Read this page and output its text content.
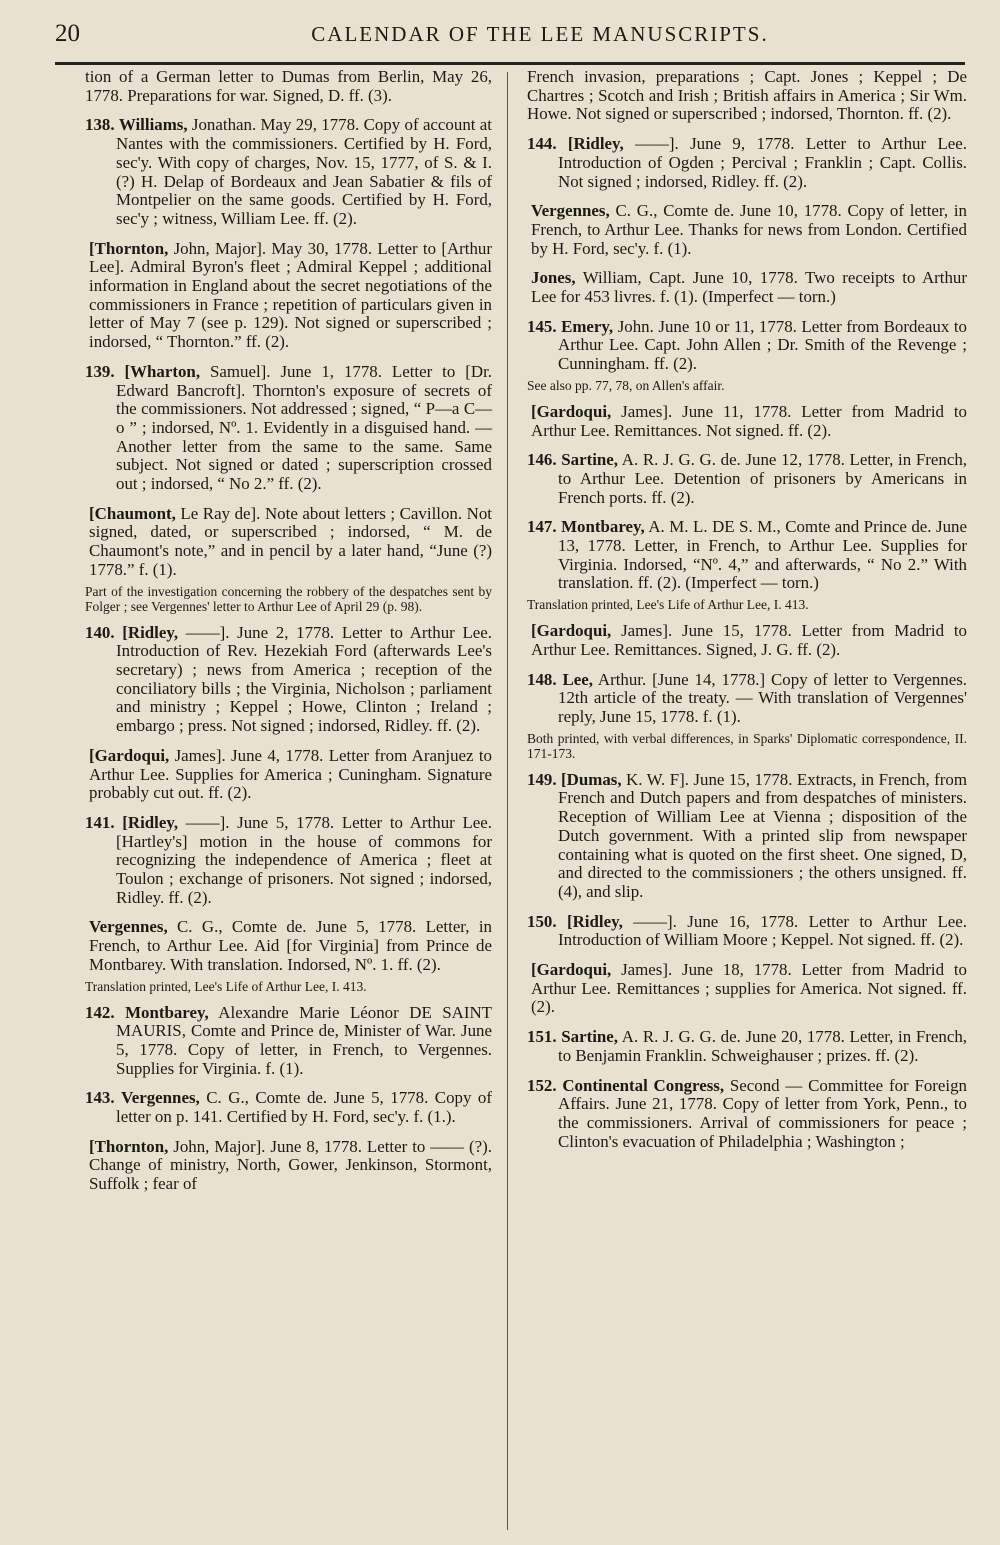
20	CALENDAR OF THE LEE MANUSCRIPTS.
tion of a German letter to Dumas from Berlin, May 26, 1778. Preparations for war. Signed, D. ff. (3).
138. Williams, Jonathan. May 29, 1778. Copy of account at Nantes with the commissioners. Certified by H. Ford, sec'y. With copy of charges, Nov. 15, 1777, of S. & I. (?) H. Delap of Bordeaux and Jean Sabatier & fils of Montpelier on the same goods. Certified by H. Ford, sec'y ; witness, William Lee. ff. (2).
[Thornton, John, Major]. May 30, 1778. Letter to [Arthur Lee]. Admiral Byron's fleet ; Admiral Keppel ; additional information in England about the secret negotiations of the commissioners in France ; repetition of particulars given in letter of May 7 (see p. 129). Not signed or superscribed ; indorsed, “ Thornton.” ff. (2).
139. [Wharton, Samuel]. June 1, 1778. Letter to [Dr. Edward Bancroft]. Thornton's exposure of secrets of the commissioners. Not addressed ; signed, “ P—a C—o ” ; indorsed, Nº. 1. Evidently in a disguised hand. — Another letter from the same to the same. Same subject. Not signed or dated ; superscription crossed out ; indorsed, “ No 2.” ff. (2).
[Chaumont, Le Ray de]. Note about letters ; Cavillon. Not signed, dated, or superscribed ; indorsed, “ M. de Chaumont's note,” and in pencil by a later hand, “June (?) 1778.” f. (1).
Part of the investigation concerning the robbery of the despatches sent by Folger ; see Vergennes' letter to Arthur Lee of April 29 (p. 98).
140. [Ridley, ——]. June 2, 1778. Letter to Arthur Lee. Introduction of Rev. Hezekiah Ford (afterwards Lee's secretary) ; news from America ; reception of the conciliatory bills ; the Virginia, Nicholson ; parliament and ministry ; Keppel ; Howe, Clinton ; Ireland ; embargo ; press. Not signed ; indorsed, Ridley. ff. (2).
[Gardoqui, James]. June 4, 1778. Letter from Aranjuez to Arthur Lee. Supplies for America ; Cuningham. Signature probably cut out. ff. (2).
141. [Ridley, ——]. June 5, 1778. Letter to Arthur Lee. [Hartley's] motion in the house of commons for recognizing the independence of America ; fleet at Toulon ; exchange of prisoners. Not signed ; indorsed, Ridley. ff. (2).
Vergennes, C. G., Comte de. June 5, 1778. Letter, in French, to Arthur Lee. Aid [for Virginia] from Prince de Montbarey. With translation. Indorsed, Nº. 1. ff. (2).
Translation printed, Lee's Life of Arthur Lee, I. 413.
142. Montbarey, Alexandre Marie Léonor DE SAINT MAURIS, Comte and Prince de, Minister of War. June 5, 1778. Copy of letter, in French, to Vergennes. Supplies for Virginia. f. (1).
143. Vergennes, C. G., Comte de. June 5, 1778. Copy of letter on p. 141. Certified by H. Ford, sec'y. f. (1.).
[Thornton, John, Major]. June 8, 1778. Letter to —— (?). Change of ministry, North, Gower, Jenkinson, Stormont, Suffolk ; fear of
French invasion, preparations ; Capt. Jones ; Keppel ; De Chartres ; Scotch and Irish ; British affairs in America ; Sir Wm. Howe. Not signed or superscribed ; indorsed, Thornton. ff. (2).
144. [Ridley, ——]. June 9, 1778. Letter to Arthur Lee. Introduction of Ogden ; Percival ; Franklin ; Capt. Collis. Not signed ; indorsed, Ridley. ff. (2).
Vergennes, C. G., Comte de. June 10, 1778. Copy of letter, in French, to Arthur Lee. Thanks for news from London. Certified by H. Ford, sec'y. f. (1).
Jones, William, Capt. June 10, 1778. Two receipts to Arthur Lee for 453 livres. f. (1). (Imperfect — torn.)
145. Emery, John. June 10 or 11, 1778. Letter from Bordeaux to Arthur Lee. Capt. John Allen ; Dr. Smith of the Revenge ; Cunningham. ff. (2).
See also pp. 77, 78, on Allen's affair.
[Gardoqui, James]. June 11, 1778. Letter from Madrid to Arthur Lee. Remittances. Not signed. ff. (2).
146. Sartine, A. R. J. G. G. de. June 12, 1778. Letter, in French, to Arthur Lee. Detention of prisoners by Americans in French ports. ff. (2).
147. Montbarey, A. M. L. DE S. M., Comte and Prince de. June 13, 1778. Letter, in French, to Arthur Lee. Supplies for Virginia. Indorsed, “Nº. 4,” and afterwards, “ No 2.” With translation. ff. (2). (Imperfect — torn.)
Translation printed, Lee's Life of Arthur Lee, I. 413.
[Gardoqui, James]. June 15, 1778. Letter from Madrid to Arthur Lee. Remittances. Signed, J. G. ff. (2).
148. Lee, Arthur. [June 14, 1778.] Copy of letter to Vergennes. 12th article of the treaty. — With translation of Vergennes' reply, June 15, 1778. f. (1).
Both printed, with verbal differences, in Sparks' Diplomatic correspondence, II. 171-173.
149. [Dumas, K. W. F]. June 15, 1778. Extracts, in French, from French and Dutch papers and from despatches of ministers. Reception of William Lee at Vienna ; disposition of the Dutch government. With a printed slip from newspaper containing what is quoted on the first sheet. One signed, D, and directed to the commissioners ; the others unsigned. ff. (4), and slip.
150. [Ridley, ——]. June 16, 1778. Letter to Arthur Lee. Introduction of William Moore ; Keppel. Not signed. ff. (2).
[Gardoqui, James]. June 18, 1778. Letter from Madrid to Arthur Lee. Remittances ; supplies for America. Not signed. ff. (2).
151. Sartine, A. R. J. G. G. de. June 20, 1778. Letter, in French, to Benjamin Franklin. Schweighauser ; prizes. ff. (2).
152. Continental Congress, Second — Committee for Foreign Affairs. June 21, 1778. Copy of letter from York, Penn., to the commissioners. Arrival of commissioners for peace ; Clinton's evacuation of Philadelphia ; Washington ;
